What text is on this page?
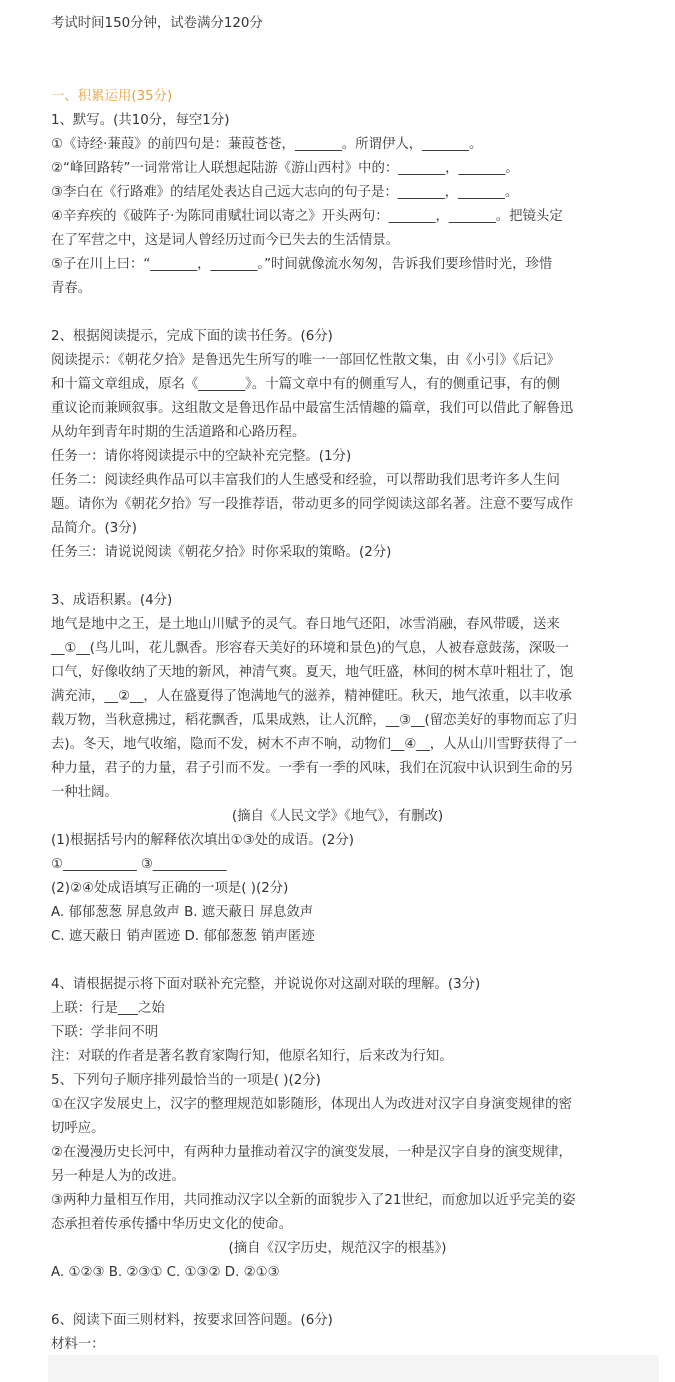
考试时间150分钟，试卷满分120分
一、积累运用(35分)
1、默写。(共10分，每空1分)
①《诗经·蒹葭》的前四句是：蒹葭苍苍，_______。所谓伊人，_______。
②“峰回路转”一词常常让人联想起陆游《游山西村》中的：_______，_______。
③李白在《行路难》的结尾处表达自己远大志向的句子是：_______，_______。
④辛弃疾的《破阵子·为陈同甫赋壮词以寄之》开头两句：_______，_______。把镜头定
在了军营之中，这是词人曾经历过而今已失去的生活情景。
⑤子在川上曰：“_______，_______。”时间就像流水匆匆，告诉我们要珍惜时光，珍惜
青春。
2、根据阅读提示，完成下面的读书任务。(6分)
阅读提示：《朝花夕拾》是鲁迅先生所写的唯一一部回忆性散文集，由《小引》《后记》
和十篇文章组成，原名《_______》。十篇文章中有的侧重写人，有的侧重记事，有的侧
重议论而兼顾叙事。这组散文是鲁迅作品中最富生活情趣的篇章，我们可以借此了解鲁迅
从幼年到青年时期的生活道路和心路历程。
任务一：请你将阅读提示中的空缺补充完整。(1分)
任务二：阅读经典作品可以丰富我们的人生感受和经验，可以帮助我们思考许多人生问
题。请你为《朝花夕拾》写一段推荐语，带动更多的同学阅读这部名著。注意不要写成作
品简介。(3分)
任务三：请说说阅读《朝花夕拾》时你采取的策略。(2分)
3、成语积累。(4分)
地气是地中之王，是土地山川赋予的灵气。春日地气还阳，冰雪消融，春风带暖，送来
__①__(鸟儿叫，花儿飘香。形容春天美好的环境和景色)的气息，人被春意鼓荡，深吸一
口气，好像收纳了天地的新风，神清气爽。夏天，地气旺盛，林间的树木草叶粗壮了，饱
满充沛，__②__，人在盛夏得了饱满地气的滋养，精神健旺。秋天，地气浓重，以丰收承
载万物，当秋意拂过，稻花飘香，瓜果成熟，让人沉醉，__③__(留恋美好的事物而忘了归
去)。冬天，地气收缩，隐而不发，树木不声不响，动物们__④__，人从山川雪野获得了一
种力量，君子的力量，君子引而不发。一季有一季的风味，我们在沉寂中认识到生命的另
一种壮阔。
(摘自《人民文学》《地气》，有删改)
(1)根据括号内的解释依次填出①③处的成语。(2分)
①___________ ③___________
(2)②④处成语填写正确的一项是( )(2分)
A. 郁郁葱葱 屏息敛声 B. 遮天蔽日 屏息敛声
C. 遮天蔽日 销声匿迹 D. 郁郁葱葱 销声匿迹
4、请根据提示将下面对联补充完整，并说说你对这副对联的理解。(3分)
上联：行是___之始
下联：学非问不明
注：对联的作者是著名教育家陶行知，他原名知行，后来改为行知。
5、下列句子顺序排列最恰当的一项是( )(2分)
①在汉字发展史上，汉字的整理规范如影随形，体现出人为改进对汉字自身演变规律的密
切呼应。
②在漫漫历史长河中，有两种力量推动着汉字的演变发展，一种是汉字自身的演变规律，
另一种是人为的改进。
③两种力量相互作用，共同推动汉字以全新的面貌步入了21世纪，而愈加以近乎完美的姿
态承担着传承传播中华历史文化的使命。
(摘自《汉字历史，规范汉字的根基》)
A. ①②③ B. ②③① C. ①③② D. ②①③
6、阅读下面三则材料，按要求回答问题。(6分)
材料一：
